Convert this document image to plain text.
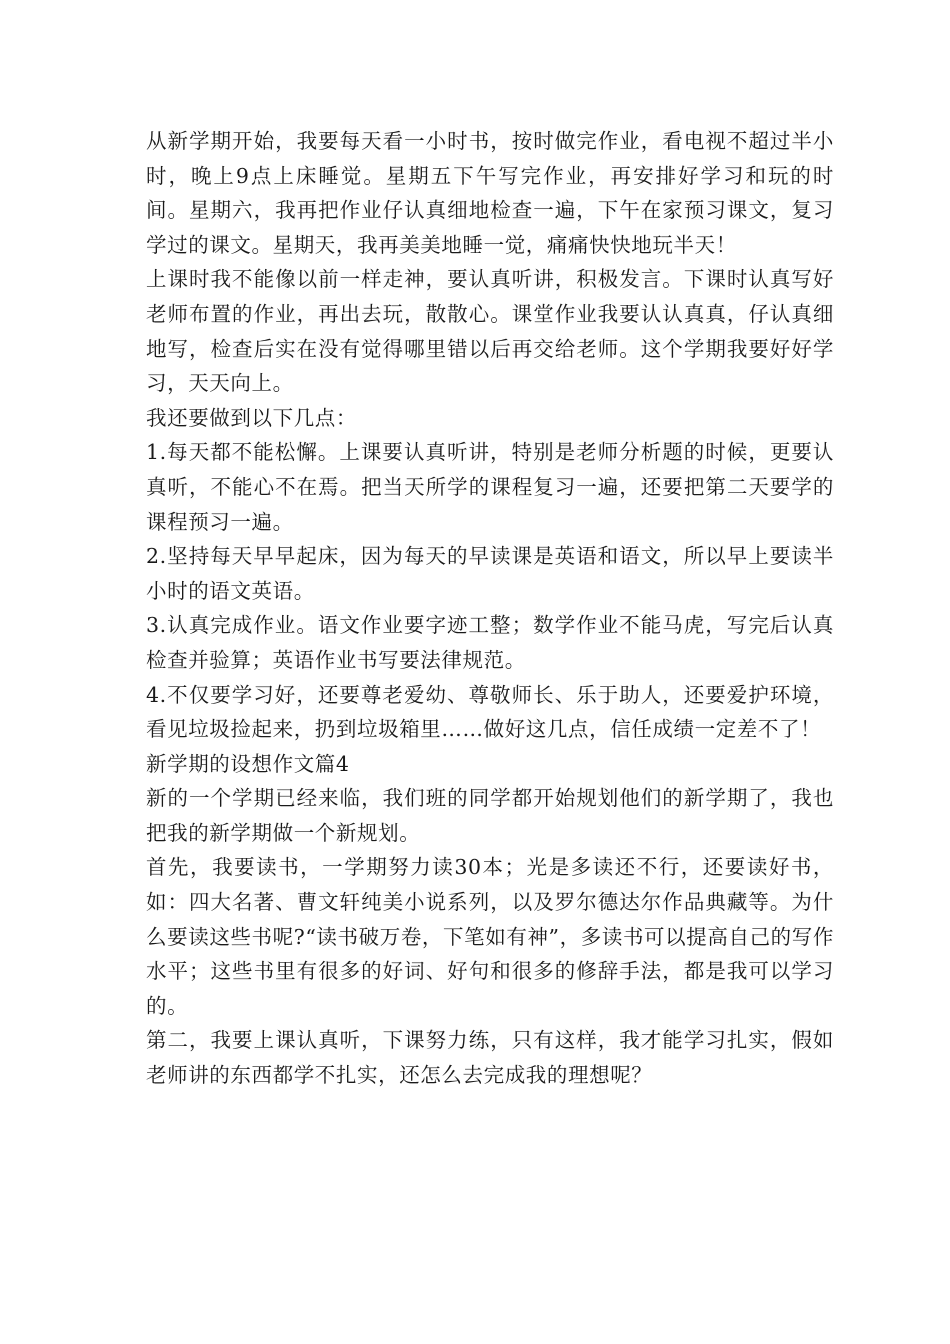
从新学期开始，我要每天看一小时书，按时做完作业，看电视不超过半小时，晚上9点上床睡觉。星期五下午写完作业，再安排好学习和玩的时间。星期六，我再把作业仔认真细地检查一遍，下午在家预习课文，复习学过的课文。星期天，我再美美地睡一觉，痛痛快快地玩半天！

上课时我不能像以前一样走神，要认真听讲，积极发言。下课时认真写好老师布置的作业，再出去玩，散散心。课堂作业我要认认真真，仔认真细地写，检查后实在没有觉得哪里错以后再交给老师。这个学期我要好好学习，天天向上。

我还要做到以下几点：

1.每天都不能松懈。上课要认真听讲，特别是老师分析题的时候，更要认真听，不能心不在焉。把当天所学的课程复习一遍，还要把第二天要学的课程预习一遍。

2.坚持每天早早起床，因为每天的早读课是英语和语文，所以早上要读半小时的语文英语。

3.认真完成作业。语文作业要字迹工整；数学作业不能马虎，写完后认真检查并验算；英语作业书写要法律规范。

4.不仅要学习好，还要尊老爱幼、尊敬师长、乐于助人，还要爱护环境，看见垃圾捡起来，扔到垃圾箱里……做好这几点，信任成绩一定差不了！

新学期的设想作文篇4

新的一个学期已经来临，我们班的同学都开始规划他们的新学期了，我也把我的新学期做一个新规划。

首先，我要读书，一学期努力读30本；光是多读还不行，还要读好书，如：四大名著、曹文轩纯美小说系列，以及罗尔德达尔作品典藏等。为什么要读这些书呢?“读书破万卷，下笔如有神”，多读书可以提高自己的写作水平；这些书里有很多的好词、好句和很多的修辞手法，都是我可以学习的。

第二，我要上课认真听，下课努力练，只有这样，我才能学习扎实，假如老师讲的东西都学不扎实，还怎么去完成我的理想呢？
